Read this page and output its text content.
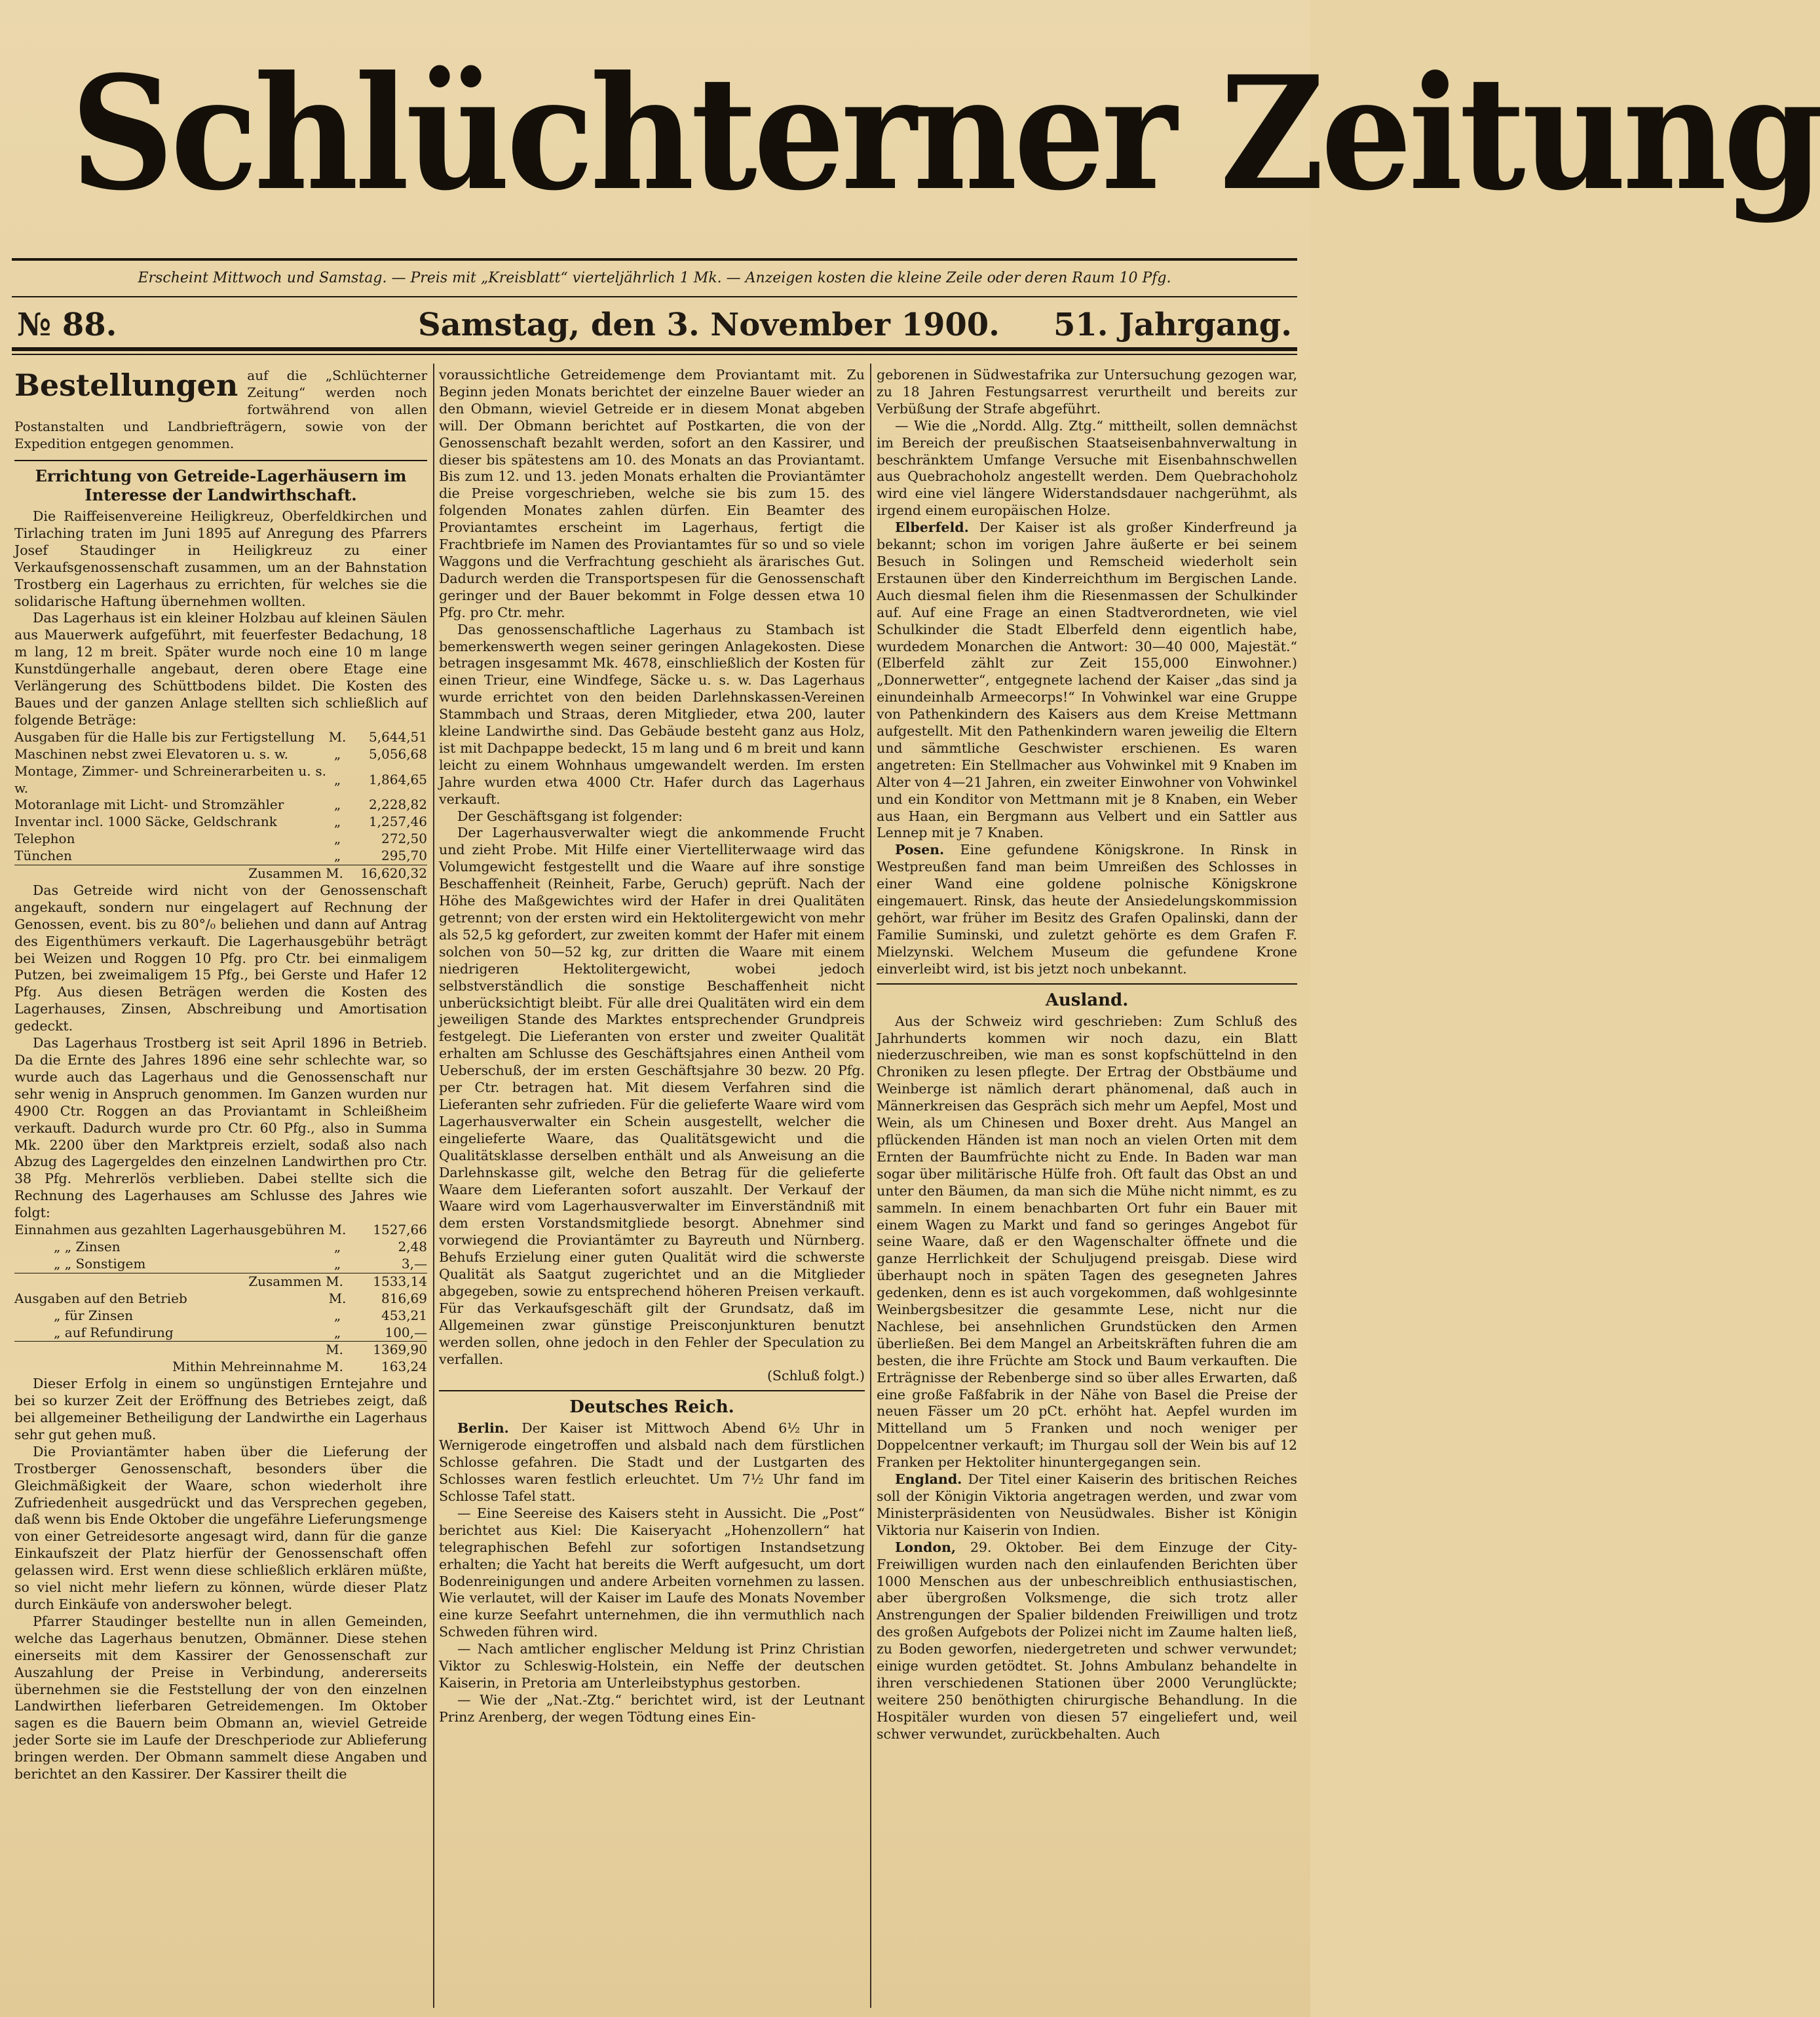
Schlüchterner Zeitung
Erscheint Mittwoch und Samstag. — Preis mit „Kreisblatt“ vierteljährlich 1 Mk. — Anzeigen kosten die kleine Zeile oder deren Raum 10 Pfg.
№ 88.	Samstag, den 3. November 1900. 51. Jahrgang.
Bestellungen auf die „Schlüchterner Zeitung“ werden noch fortwährend von allen Postanstalten und Landbriefträgern, sowie von der Expedition entgegen genommen.
Errichtung von Getreide-Lagerhäusern im Interesse der Landwirthschaft.

Die Raiffeisenvereine Heiligkreuz, Oberfeldkirchen und Tirlaching traten im Juni 1895 auf Anregung des Pfarrers Josef Staudinger in Heiligkreuz zu einer Verkaufsgenossenschaft zusammen, um an der Bahnstation Trostberg ein Lagerhaus zu errichten, für welches sie die solidarische Haftung übernehmen wollten.

Das Lagerhaus ist ein kleiner Holzbau auf kleinen Säulen aus Mauerwerk aufgeführt, mit feuerfester Bedachung, 18 m lang, 12 m breit. Später wurde noch eine 10 m lange Kunstdüngerhalle angebaut, deren obere Etage eine Verlängerung des Schüttbodens bildet. Die Kosten des Baues und der ganzen Anlage stellten sich schließlich auf folgende Beträge:

Ausgaben für die Halle bis zur Fertigstellung	M.	5,644,51
Maschinen nebst zwei Elevatoren u. s. w.	„	5,056,68
Montage, Zimmer- und Schreinerarbeiten u. s. w.	„	1,864,65
Motoranlage mit Licht- und Stromzähler	„	2,228,82
Inventar incl. 1000 Säcke, Geldschrank	„	1,257,46
Telephon	„	272,50
Tünchen	„	295,70
Zusammen M.		16,620,32

Das Getreide wird nicht von der Genossenschaft angekauft, sondern nur eingelagert auf Rechnung der Genossen, event. bis zu 80°/₀ beliehen und dann auf Antrag des Eigenthümers verkauft. Die Lagerhausgebühr beträgt bei Weizen und Roggen 10 Pfg. pro Ctr. bei einmaligem Putzen, bei zweimaligem 15 Pfg., bei Gerste und Hafer 12 Pfg. Aus diesen Beträgen werden die Kosten des Lagerhauses, Zinsen, Abschreibung und Amortisation gedeckt.

Das Lagerhaus Trostberg ist seit April 1896 in Betrieb. Da die Ernte des Jahres 1896 eine sehr schlechte war, so wurde auch das Lagerhaus und die Genossenschaft nur sehr wenig in Anspruch genommen. Im Ganzen wurden nur 4900 Ctr. Roggen an das Proviantamt in Schleißheim verkauft. Dadurch wurde pro Ctr. 60 Pfg., also in Summa Mk. 2200 über den Marktpreis erzielt, sodaß also nach Abzug des Lagergeldes den einzelnen Landwirthen pro Ctr. 38 Pfg. Mehrerlös verblieben. Dabei stellte sich die Rechnung des Lagerhauses am Schlusse des Jahres wie folgt:

Einnahmen aus gezahlten Lagerhausgebühren	M.	1527,66
„ „ Zinsen	„	2,48
„ „ Sonstigem	„	3,—
Zusammen M.		1533,14
Ausgaben auf den Betrieb	M.	816,69
„ für Zinsen	„	453,21
„ auf Refundirung	„	100,—
M.		1369,90
Mithin Mehreinnahme M.		163,24

Dieser Erfolg in einem so ungünstigen Erntejahre und bei so kurzer Zeit der Eröffnung des Betriebes zeigt, daß bei allgemeiner Betheiligung der Landwirthe ein Lagerhaus sehr gut gehen muß.

Die Proviantämter haben über die Lieferung der Trostberger Genossenschaft, besonders über die Gleichmäßigkeit der Waare, schon wiederholt ihre Zufriedenheit ausgedrückt und das Versprechen gegeben, daß wenn bis Ende Oktober die ungefähre Lieferungsmenge von einer Getreidesorte angesagt wird, dann für die ganze Einkaufszeit der Platz hierfür der Genossenschaft offen gelassen wird. Erst wenn diese schließlich erklären müßte, so viel nicht mehr liefern zu können, würde dieser Platz durch Einkäufe von anderswoher belegt.

Pfarrer Staudinger bestellte nun in allen Gemeinden, welche das Lagerhaus benutzen, Obmänner. Diese stehen einerseits mit dem Kassirer der Genossenschaft zur Auszahlung der Preise in Verbindung, andererseits übernehmen sie die Feststellung der von den einzelnen Landwirthen lieferbaren Getreidemengen. Im Oktober sagen es die Bauern beim Obmann an, wieviel Getreide jeder Sorte sie im Laufe der Dreschperiode zur Ablieferung bringen werden. Der Obmann sammelt diese Angaben und berichtet an den Kassirer. Der Kassirer theilt die

voraussichtliche Getreidemenge dem Proviantamt mit. Zu Beginn jeden Monats berichtet der einzelne Bauer wieder an den Obmann, wieviel Getreide er in diesem Monat abgeben will. Der Obmann berichtet auf Postkarten, die von der Genossenschaft bezahlt werden, sofort an den Kassirer, und dieser bis spätestens am 10. des Monats an das Proviantamt. Bis zum 12. und 13. jeden Monats erhalten die Proviantämter die Preise vorgeschrieben, welche sie bis zum 15. des folgenden Monates zahlen dürfen. Ein Beamter des Proviantamtes erscheint im Lagerhaus, fertigt die Frachtbriefe im Namen des Proviantamtes für so und so viele Waggons und die Verfrachtung geschieht als ärarisches Gut. Dadurch werden die Transportspesen für die Genossenschaft geringer und der Bauer bekommt in Folge dessen etwa 10 Pfg. pro Ctr. mehr.

Das genossenschaftliche Lagerhaus zu Stambach ist bemerkenswerth wegen seiner geringen Anlagekosten. Diese betragen insgesammt Mk. 4678, einschließlich der Kosten für einen Trieur, eine Windfege, Säcke u. s. w. Das Lagerhaus wurde errichtet von den beiden Darlehnskassen-Vereinen Stammbach und Straas, deren Mitglieder, etwa 200, lauter kleine Landwirthe sind. Das Gebäude besteht ganz aus Holz, ist mit Dachpappe bedeckt, 15 m lang und 6 m breit und kann leicht zu einem Wohnhaus umgewandelt werden. Im ersten Jahre wurden etwa 4000 Ctr. Hafer durch das Lagerhaus verkauft.

Der Geschäftsgang ist folgender:

Der Lagerhausverwalter wiegt die ankommende Frucht und zieht Probe. Mit Hilfe einer Viertelliterwaage wird das Volumgewicht festgestellt und die Waare auf ihre sonstige Beschaffenheit (Reinheit, Farbe, Geruch) geprüft. Nach der Höhe des Maßgewichtes wird der Hafer in drei Qualitäten getrennt; von der ersten wird ein Hektolitergewicht von mehr als 52,5 kg gefordert, zur zweiten kommt der Hafer mit einem solchen von 50—52 kg, zur dritten die Waare mit einem niedrigeren Hektolitergewicht, wobei jedoch selbstverständlich die sonstige Beschaffenheit nicht unberücksichtigt bleibt. Für alle drei Qualitäten wird ein dem jeweiligen Stande des Marktes entsprechender Grundpreis festgelegt. Die Lieferanten von erster und zweiter Qualität erhalten am Schlusse des Geschäftsjahres einen Antheil vom Ueberschuß, der im ersten Geschäftsjahre 30 bezw. 20 Pfg. per Ctr. betragen hat. Mit diesem Verfahren sind die Lieferanten sehr zufrieden. Für die gelieferte Waare wird vom Lagerhausverwalter ein Schein ausgestellt, welcher die eingelieferte Waare, das Qualitätsgewicht und die Qualitätsklasse derselben enthält und als Anweisung an die Darlehnskasse gilt, welche den Betrag für die gelieferte Waare dem Lieferanten sofort auszahlt. Der Verkauf der Waare wird vom Lagerhausverwalter im Einverständniß mit dem ersten Vorstandsmitgliede besorgt. Abnehmer sind vorwiegend die Proviantämter zu Bayreuth und Nürnberg. Behufs Erzielung einer guten Qualität wird die schwerste Qualität als Saatgut zugerichtet und an die Mitglieder abgegeben, sowie zu entsprechend höheren Preisen verkauft. Für das Verkaufsgeschäft gilt der Grundsatz, daß im Allgemeinen zwar günstige Preisconjunkturen benutzt werden sollen, ohne jedoch in den Fehler der Speculation zu verfallen.

(Schluß folgt.)

Deutsches Reich.

Berlin. Der Kaiser ist Mittwoch Abend 6½ Uhr in Wernigerode eingetroffen und alsbald nach dem fürstlichen Schlosse gefahren. Die Stadt und der Lustgarten des Schlosses waren festlich erleuchtet. Um 7½ Uhr fand im Schlosse Tafel statt.

— Eine Seereise des Kaisers steht in Aussicht. Die „Post“ berichtet aus Kiel: Die Kaiseryacht „Hohenzollern“ hat telegraphischen Befehl zur sofortigen Instandsetzung erhalten; die Yacht hat bereits die Werft aufgesucht, um dort Bodenreinigungen und andere Arbeiten vornehmen zu lassen. Wie verlautet, will der Kaiser im Laufe des Monats November eine kurze Seefahrt unternehmen, die ihn vermuthlich nach Schweden führen wird.

— Nach amtlicher englischer Meldung ist Prinz Christian Viktor zu Schleswig-Holstein, ein Neffe der deutschen Kaiserin, in Pretoria am Unterleibstyphus gestorben.

— Wie der „Nat.-Ztg.“ berichtet wird, ist der Leutnant Prinz Arenberg, der wegen Tödtung eines Ein-

geborenen in Südwestafrika zur Untersuchung gezogen war, zu 18 Jahren Festungsarrest verurtheilt und bereits zur Verbüßung der Strafe abgeführt.

— Wie die „Nordd. Allg. Ztg.“ mittheilt, sollen demnächst im Bereich der preußischen Staatseisenbahnverwaltung in beschränktem Umfange Versuche mit Eisenbahnschwellen aus Quebrachoholz angestellt werden. Dem Quebrachoholz wird eine viel längere Widerstandsdauer nachgerühmt, als irgend einem europäischen Holze.

Elberfeld. Der Kaiser ist als großer Kinderfreund ja bekannt; schon im vorigen Jahre äußerte er bei seinem Besuch in Solingen und Remscheid wiederholt sein Erstaunen über den Kinderreichthum im Bergischen Lande. Auch diesmal fielen ihm die Riesenmassen der Schulkinder auf. Auf eine Frage an einen Stadtverordneten, wie viel Schulkinder die Stadt Elberfeld denn eigentlich habe, wurdedem Monarchen die Antwort: 30—40 000, Majestät.“ (Elberfeld zählt zur Zeit 155,000 Einwohner.) „Donnerwetter“, entgegnete lachend der Kaiser „das sind ja einundeinhalb Armeecorps!“ In Vohwinkel war eine Gruppe von Pathenkindern des Kaisers aus dem Kreise Mettmann aufgestellt. Mit den Pathenkindern waren jeweilig die Eltern und sämmtliche Geschwister erschienen. Es waren angetreten: Ein Stellmacher aus Vohwinkel mit 9 Knaben im Alter von 4—21 Jahren, ein zweiter Einwohner von Vohwinkel und ein Konditor von Mettmann mit je 8 Knaben, ein Weber aus Haan, ein Bergmann aus Velbert und ein Sattler aus Lennep mit je 7 Knaben.

Posen. Eine gefundene Königskrone. In Rinsk in Westpreußen fand man beim Umreißen des Schlosses in einer Wand eine goldene polnische Königskrone eingemauert. Rinsk, das heute der Ansiedelungskommission gehört, war früher im Besitz des Grafen Opalinski, dann der Familie Suminski, und zuletzt gehörte es dem Grafen F. Mielzynski. Welchem Museum die gefundene Krone einverleibt wird, ist bis jetzt noch unbekannt.

Ausland.

Aus der Schweiz wird geschrieben: Zum Schluß des Jahrhunderts kommen wir noch dazu, ein Blatt niederzuschreiben, wie man es sonst kopfschüttelnd in den Chroniken zu lesen pflegte. Der Ertrag der Obstbäume und Weinberge ist nämlich derart phänomenal, daß auch in Männerkreisen das Gespräch sich mehr um Aepfel, Most und Wein, als um Chinesen und Boxer dreht. Aus Mangel an pflückenden Händen ist man noch an vielen Orten mit dem Ernten der Baumfrüchte nicht zu Ende. In Baden war man sogar über militärische Hülfe froh. Oft fault das Obst an und unter den Bäumen, da man sich die Mühe nicht nimmt, es zu sammeln. In einem benachbarten Ort fuhr ein Bauer mit einem Wagen zu Markt und fand so geringes Angebot für seine Waare, daß er den Wagenschalter öffnete und die ganze Herrlichkeit der Schuljugend preisgab. Diese wird überhaupt noch in späten Tagen des gesegneten Jahres gedenken, denn es ist auch vorgekommen, daß wohlgesinnte Weinbergsbesitzer die gesammte Lese, nicht nur die Nachlese, bei ansehnlichen Grundstücken den Armen überließen. Bei dem Mangel an Arbeitskräften fuhren die am besten, die ihre Früchte am Stock und Baum verkauften. Die Erträgnisse der Rebenberge sind so über alles Erwarten, daß eine große Faßfabrik in der Nähe von Basel die Preise der neuen Fässer um 20 pCt. erhöht hat. Aepfel wurden im Mittelland um 5 Franken und noch weniger per Doppelcentner verkauft; im Thurgau soll der Wein bis auf 12 Franken per Hektoliter hinuntergegangen sein.

England. Der Titel einer Kaiserin des britischen Reiches soll der Königin Viktoria angetragen werden, und zwar vom Ministerpräsidenten von Neusüdwales. Bisher ist Königin Viktoria nur Kaiserin von Indien.

London, 29. Oktober. Bei dem Einzuge der City-Freiwilligen wurden nach den einlaufenden Berichten über 1000 Menschen aus der unbeschreiblich enthusiastischen, aber übergroßen Volksmenge, die sich trotz aller Anstrengungen der Spalier bildenden Freiwilligen und trotz des großen Aufgebots der Polizei nicht im Zaume halten ließ, zu Boden geworfen, niedergetreten und schwer verwundet; einige wurden getödtet. St. Johns Ambulanz behandelte in ihren verschiedenen Stationen über 2000 Verunglückte; weitere 250 benöthigten chirurgische Behandlung. In die Hospitäler wurden von diesen 57 eingeliefert und, weil schwer verwundet, zurückbehalten. Auch
